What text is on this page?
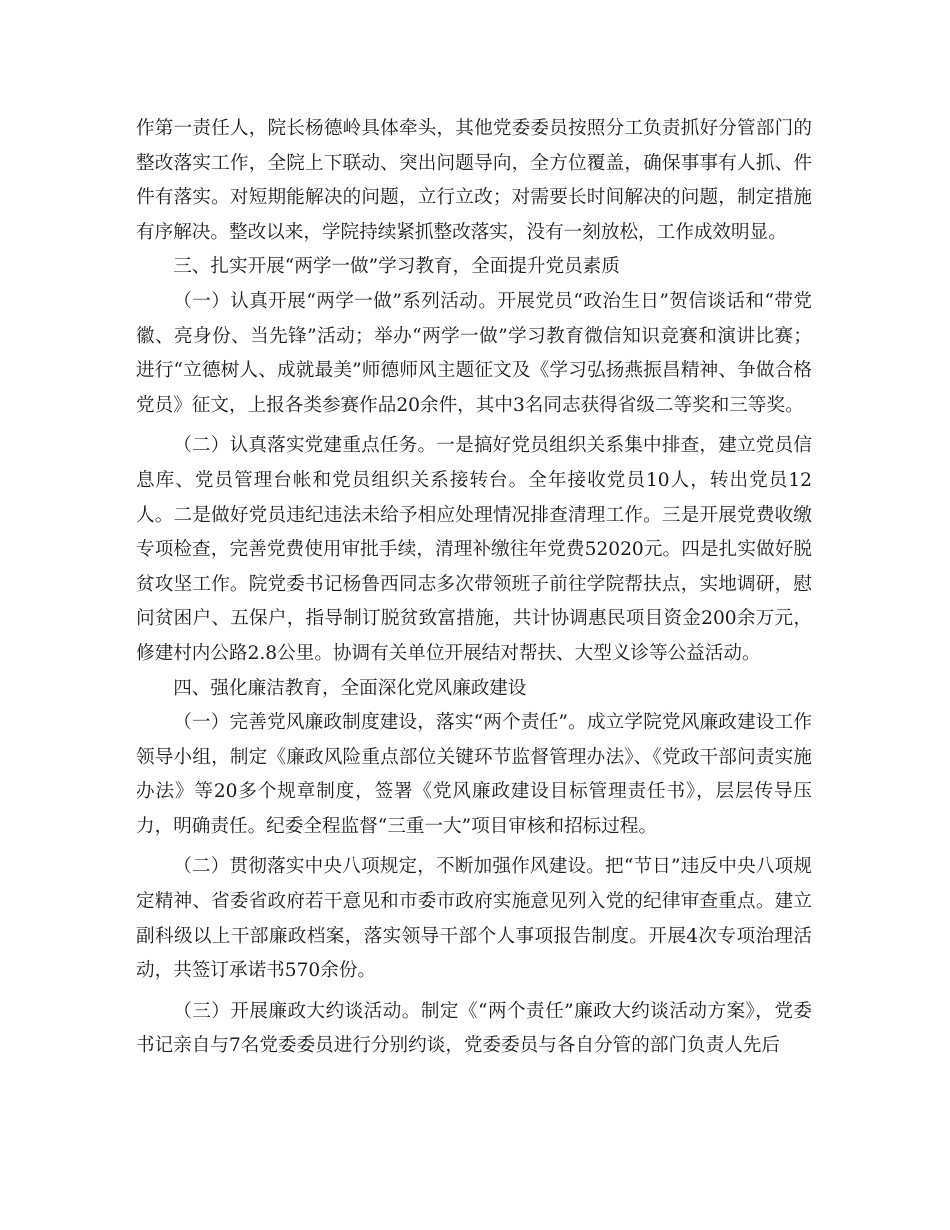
作第一责任人，院长杨德岭具体牵头，其他党委委员按照分工负责抓好分管部门的整改落实工作，全院上下联动、突出问题导向，全方位覆盖，确保事事有人抓、件件有落实。对短期能解决的问题，立行立改；对需要长时间解决的问题，制定措施有序解决。整改以来，学院持续紧抓整改落实，没有一刻放松，工作成效明显。

三、扎实开展“两学一做”学习教育，全面提升党员素质

（一）认真开展“两学一做”系列活动。开展党员“政治生日”贺信谈话和“带党徽、亮身份、当先锋”活动；举办“两学一做”学习教育微信知识竞赛和演讲比赛；进行“立德树人、成就最美”师德师风主题征文及《学习弘扬燕振昌精神、争做合格党员》征文，上报各类参赛作品20余件，其中3名同志获得省级二等奖和三等奖。

（二）认真落实党建重点任务。一是搞好党员组织关系集中排查，建立党员信息库、党员管理台帐和党员组织关系接转台。全年接收党员10人，转出党员12人。二是做好党员违纪违法未给予相应处理情况排查清理工作。三是开展党费收缴专项检查，完善党费使用审批手续，清理补缴往年党费52020元。四是扎实做好脱贫攻坚工作。院党委书记杨鲁西同志多次带领班子前往学院帮扶点，实地调研，慰问贫困户、五保户，指导制订脱贫致富措施，共计协调惠民项目资金200余万元，修建村内公路2.8公里。协调有关单位开展结对帮扶、大型义诊等公益活动。

四、强化廉洁教育，全面深化党风廉政建设

（一）完善党风廉政制度建设，落实“两个责任”。成立学院党风廉政建设工作领导小组，制定《廉政风险重点部位关键环节监督管理办法》、《党政干部问责实施办法》等20多个规章制度，签署《党风廉政建设目标管理责任书》，层层传导压力，明确责任。纪委全程监督“三重一大”项目审核和招标过程。

（二）贯彻落实中央八项规定，不断加强作风建设。把“节日”违反中央八项规定精神、省委省政府若干意见和市委市政府实施意见列入党的纪律审查重点。建立副科级以上干部廉政档案，落实领导干部个人事项报告制度。开展4次专项治理活动，共签订承诺书570余份。

（三）开展廉政大约谈活动。制定《“两个责任”廉政大约谈活动方案》，党委书记亲自与7名党委委员进行分别约谈，党委委员与各自分管的部门负责人先后
